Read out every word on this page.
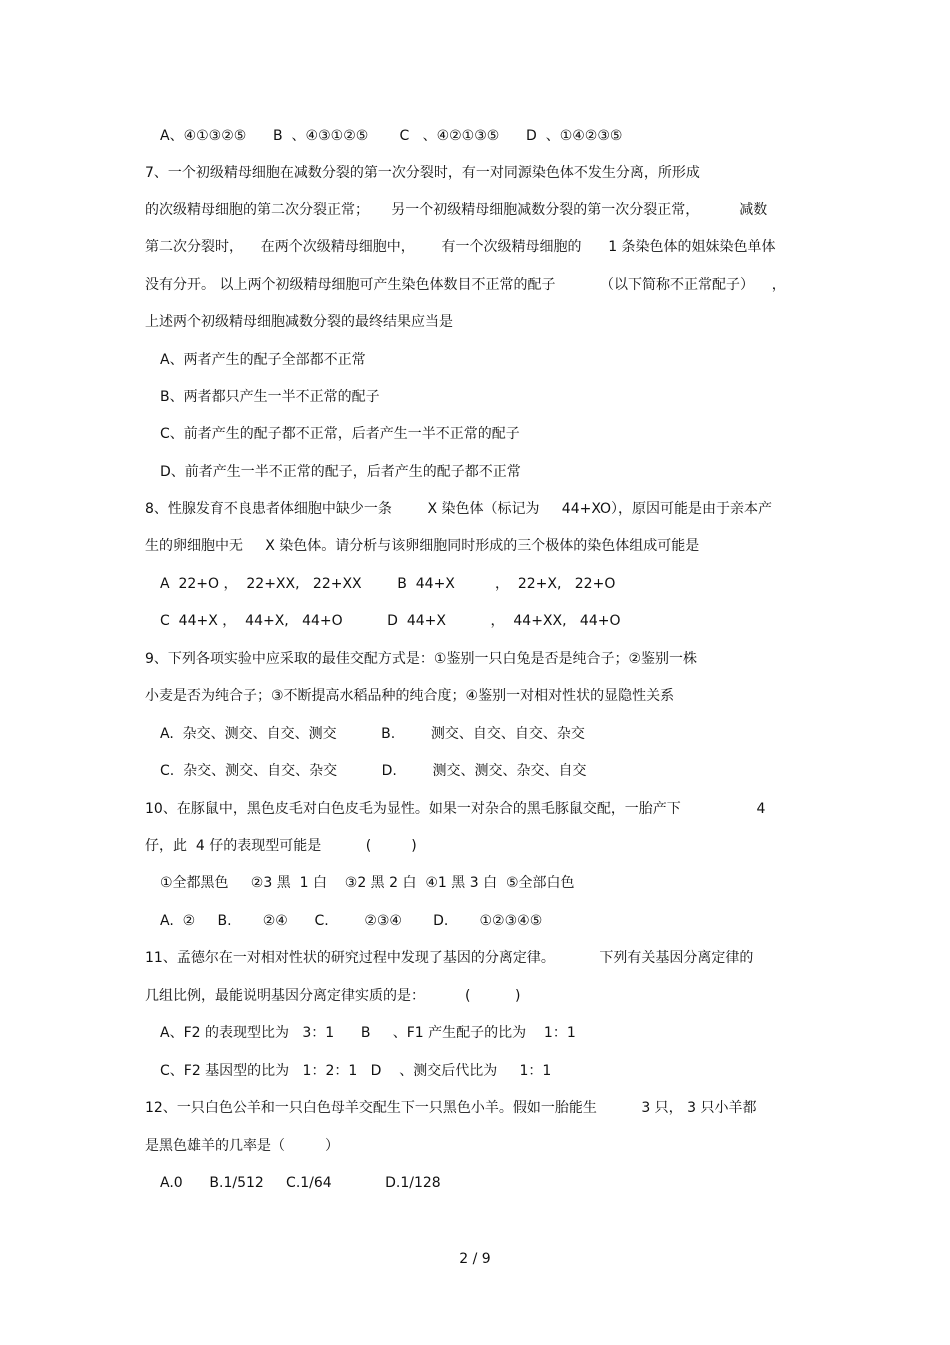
A、④①③②⑤      B  、④③①②⑤       C   、④②①③⑤      D  、①④②③⑤
7、一个初级精母细胞在减数分裂的第一次分裂时，有一对同源染色体不发生分离，所形成
的次级精母细胞的第二次分裂正常；     另一个初级精母细胞减数分裂的第一次分裂正常，         减数
第二次分裂时，    在两个次级精母细胞中，      有一个次级精母细胞的      1 条染色体的姐妹染色单体
没有分开。 以上两个初级精母细胞可产生染色体数目不正常的配子          （以下简称不正常配子）    ，
上述两个初级精母细胞减数分裂的最终结果应当是
A、两者产生的配子全部都不正常
B、两者都只产生一半不正常的配子
C、前者产生的配子都不正常，后者产生一半不正常的配子
D、前者产生一半不正常的配子，后者产生的配子都不正常
8、性腺发育不良患者体细胞中缺少一条        X 染色体（标记为     44+XO），原因可能是由于亲本产
生的卵细胞中无     X 染色体。请分析与该卵细胞同时形成的三个极体的染色体组成可能是
A  22+O ，  22+XX,   22+XX        B  44+X         ，  22+X,   22+O
C  44+X ，  44+X,   44+O          D  44+X          ，  44+XX,   44+O
9、下列各项实验中应采取的最佳交配方式是：①鉴别一只白兔是否是纯合子；②鉴别一株
小麦是否为纯合子；③不断提高水稻品种的纯合度；④鉴别一对相对性状的显隐性关系
A.  杂交、测交、自交、测交          B.        测交、自交、自交、杂交
C.  杂交、测交、自交、杂交          D.        测交、测交、杂交、自交
10、在豚鼠中，黑色皮毛对白色皮毛为显性。如果一对杂合的黑毛豚鼠交配，一胎产下                 4
仔，此  4 仔的表现型可能是          (         )
①全都黑色     ②3 黑  1 白    ③2 黑 2 白  ④1 黑 3 白  ⑤全部白色
A.  ②     B.       ②④      C.        ②③④       D.       ①②③④⑤
11、孟德尔在一对相对性状的研究过程中发现了基因的分离定律。          下列有关基因分离定律的
几组比例，最能说明基因分离定律实质的是：         (          )
A、F2 的表现型比为   3：1      B     、F1 产生配子的比为    1：1
C、F2 基因型的比为   1：2：1   D    、测交后代比为     1：1
12、一只白色公羊和一只白色母羊交配生下一只黑色小羊。假如一胎能生          3 只， 3 只小羊都
是黑色雄羊的几率是（         ）
A.0      B.1/512     C.1/64            D.1/128
2 / 9
